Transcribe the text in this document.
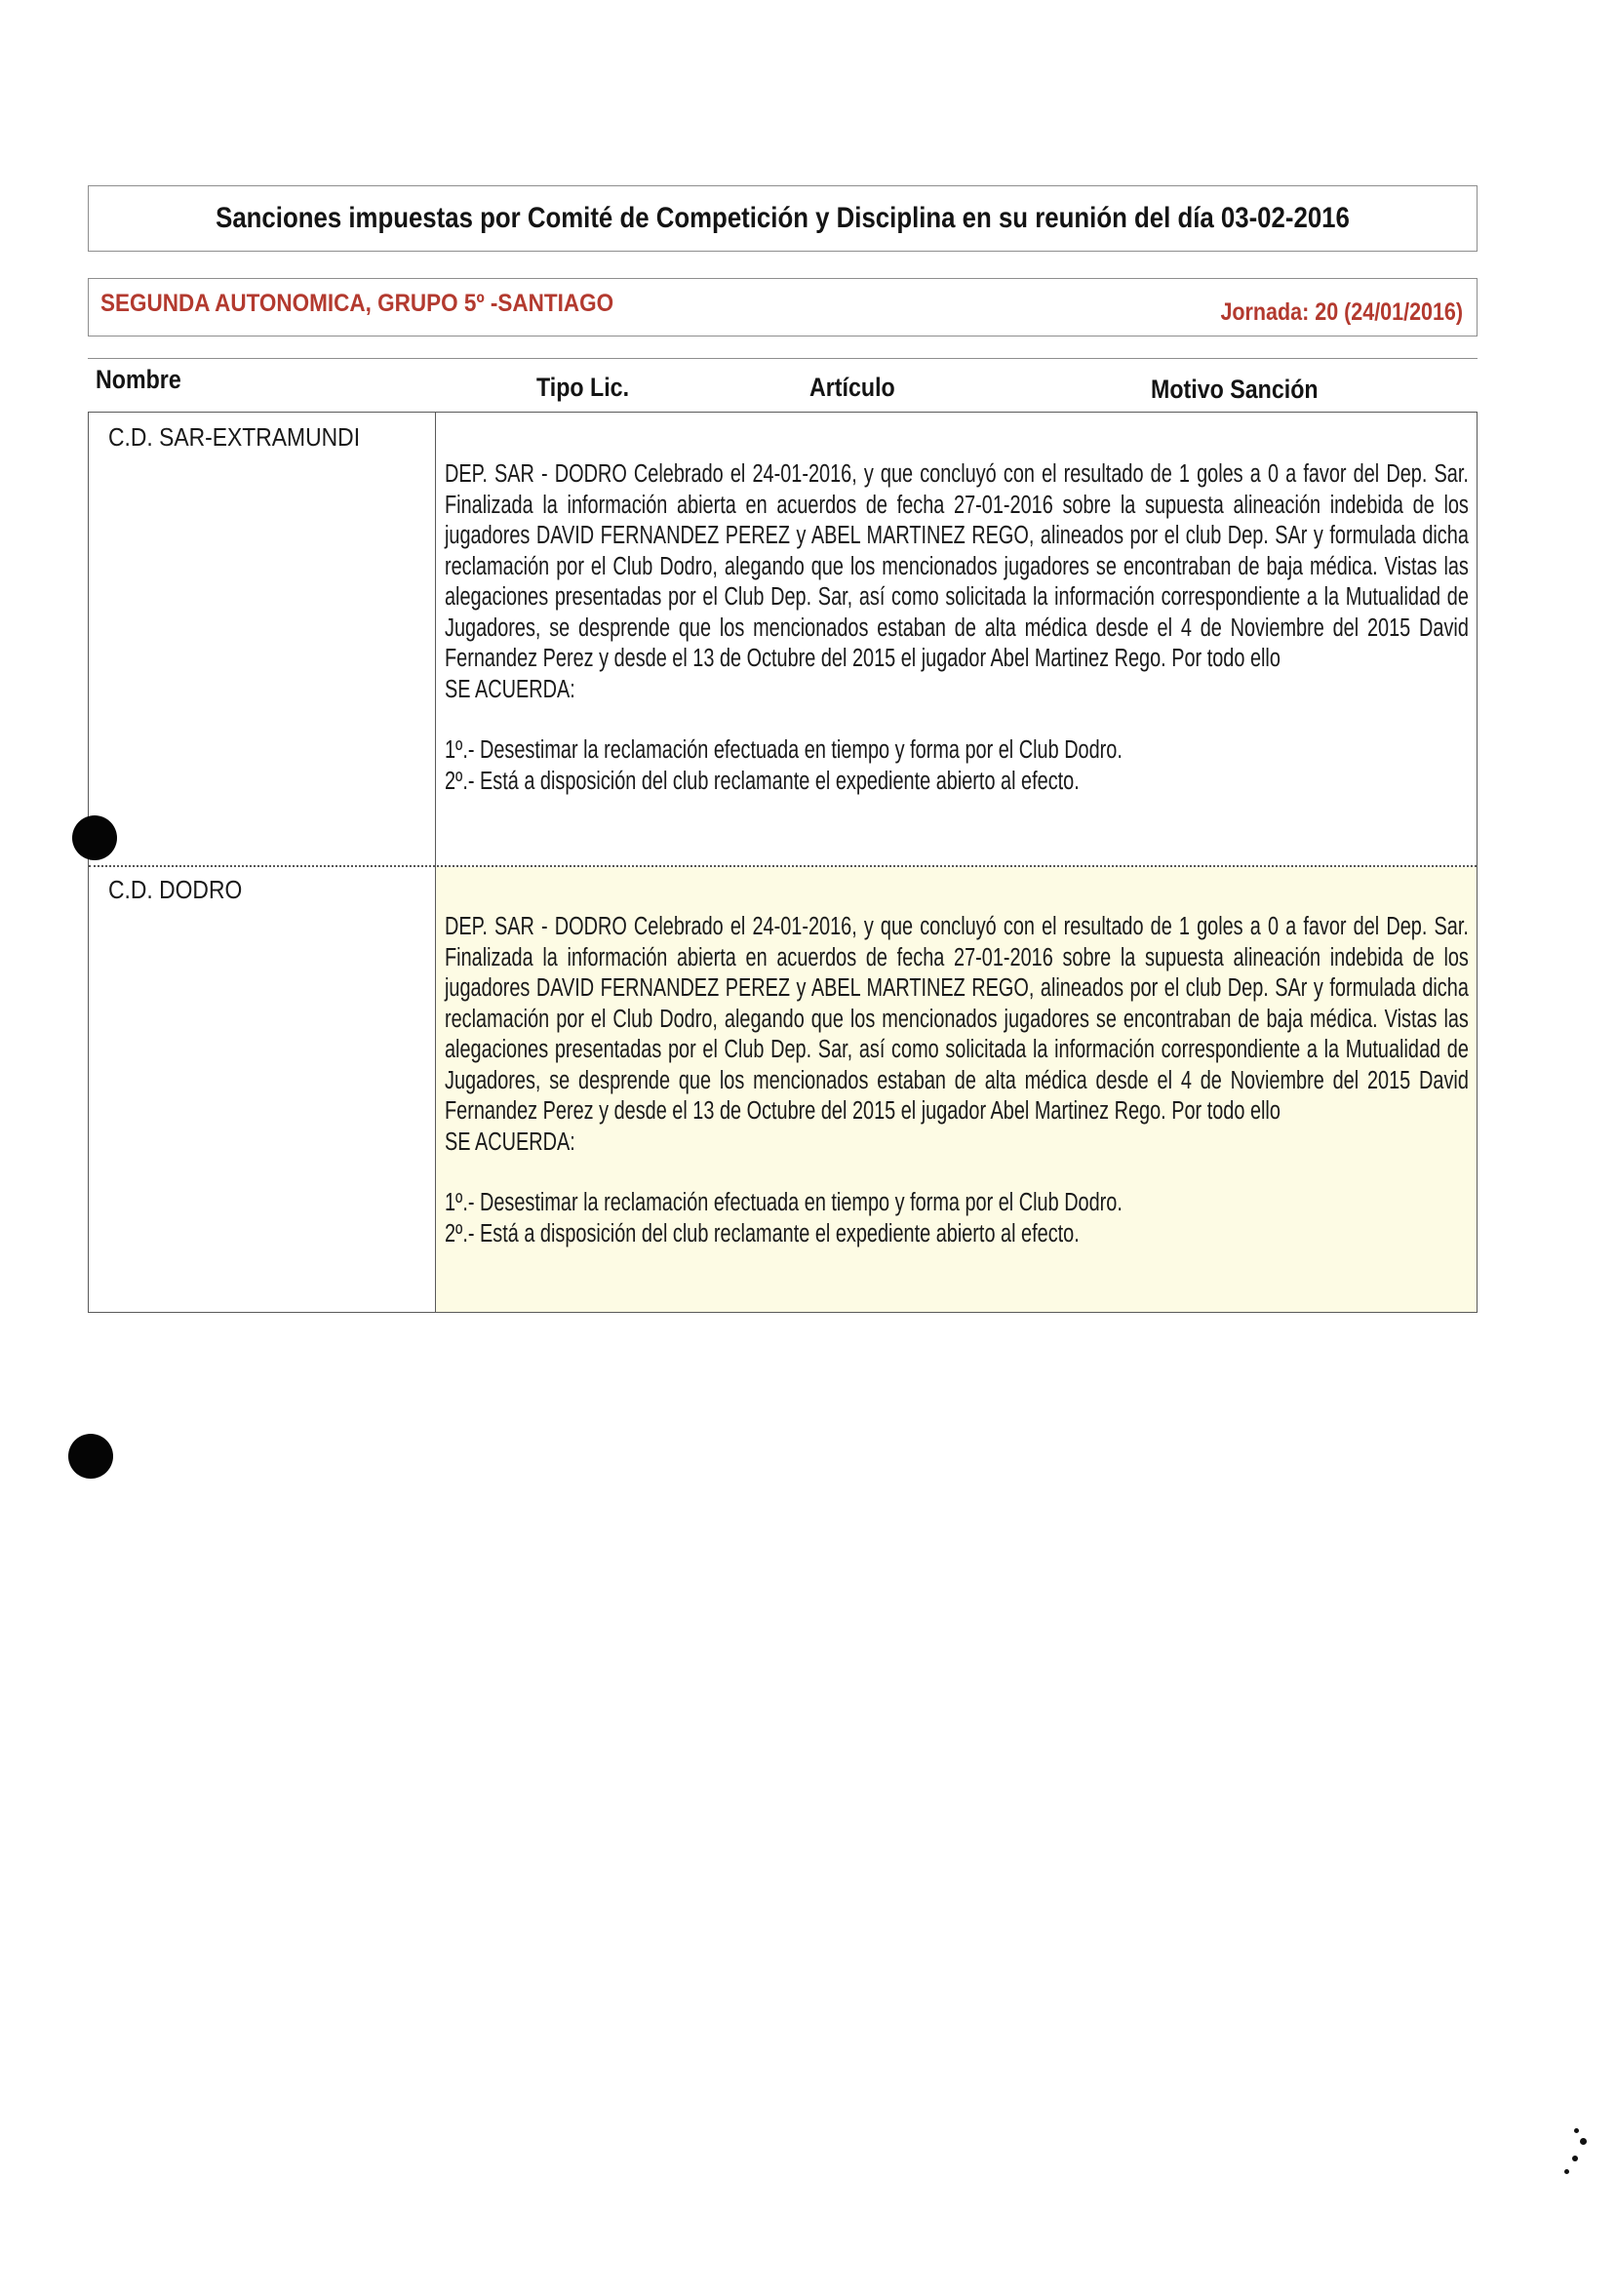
Sanciones impuestas por Comité de Competición y Disciplina en su reunión del día 03-02-2016
SEGUNDA AUTONOMICA, GRUPO 5º -SANTIAGO	Jornada: 20 (24/01/2016)
Nombre	Tipo Lic.	Artículo	Motivo Sanción
C.D. SAR-EXTRAMUNDI

DEP. SAR - DODRO Celebrado el 24-01-2016, y que concluyó con el resultado de 1 goles a 0 a favor del Dep. Sar. Finalizada la información abierta en acuerdos de fecha 27-01-2016 sobre la supuesta alineación indebida de los jugadores DAVID FERNANDEZ PEREZ y ABEL MARTINEZ REGO, alineados por el club Dep. SAr y formulada dicha reclamación por el Club Dodro, alegando que los mencionados jugadores se encontraban de baja médica. Vistas las alegaciones presentadas por el Club Dep. Sar, así como solicitada la información correspondiente a la Mutualidad de Jugadores, se desprende que los mencionados estaban de alta médica desde el 4 de Noviembre del 2015 David Fernandez Perez y desde el 13 de Octubre del 2015 el jugador Abel Martinez Rego. Por todo ello

SE ACUERDA:

1º.- Desestimar la reclamación efectuada en tiempo y forma por el Club Dodro.

2º.- Está a disposición del club reclamante el expediente abierto al efecto.

C.D. DODRO

DEP. SAR - DODRO Celebrado el 24-01-2016, y que concluyó con el resultado de 1 goles a 0 a favor del Dep. Sar. Finalizada la información abierta en acuerdos de fecha 27-01-2016 sobre la supuesta alineación indebida de los jugadores DAVID FERNANDEZ PEREZ y ABEL MARTINEZ REGO, alineados por el club Dep. SAr y formulada dicha reclamación por el Club Dodro, alegando que los mencionados jugadores se encontraban de baja médica. Vistas las alegaciones presentadas por el Club Dep. Sar, así como solicitada la información correspondiente a la Mutualidad de Jugadores, se desprende que los mencionados estaban de alta médica desde el 4 de Noviembre del 2015 David Fernandez Perez y desde el 13 de Octubre del 2015 el jugador Abel Martinez Rego. Por todo ello

SE ACUERDA:

1º.- Desestimar la reclamación efectuada en tiempo y forma por el Club Dodro.

2º.- Está a disposición del club reclamante el expediente abierto al efecto.
